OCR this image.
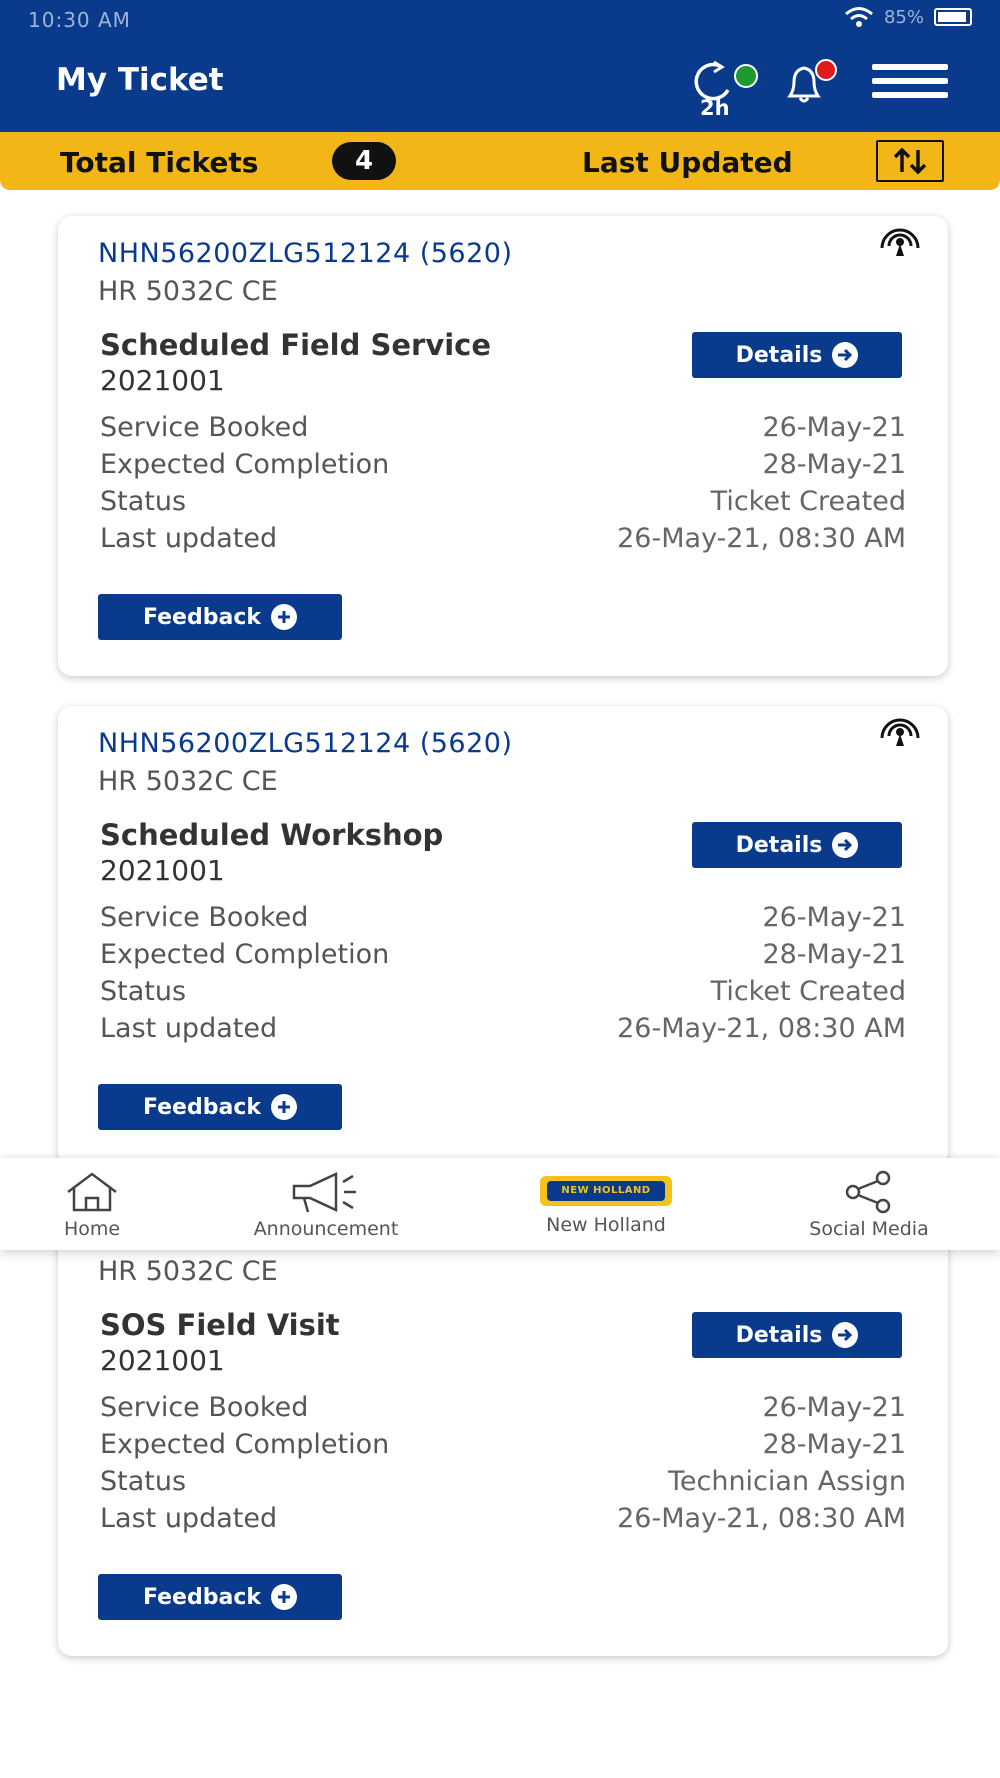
10:30 AM	85%
My Ticket
2h
Total Tickets	4	Last Updated
NHN56200ZLG512124 (5620)
HR 5032C CE
Scheduled Field Service
2021001
Details
Service Booked	26-May-21
Expected Completion	28-May-21
Status	Ticket Created
Last updated	26-May-21, 08:30 AM
Feedback
NHN56200ZLG512124 (5620)
HR 5032C CE
Scheduled Workshop
2021001
Details
Service Booked	26-May-21
Expected Completion	28-May-21
Status	Ticket Created
Last updated	26-May-21, 08:30 AM
Feedback
HR 5032C CE
SOS Field Visit
2021001
Details
Service Booked	26-May-21
Expected Completion	28-May-21
Status	Technician Assign
Last updated	26-May-21, 08:30 AM
Feedback
Home	Announcement
NEW HOLLAND
New Holland	Social Media
